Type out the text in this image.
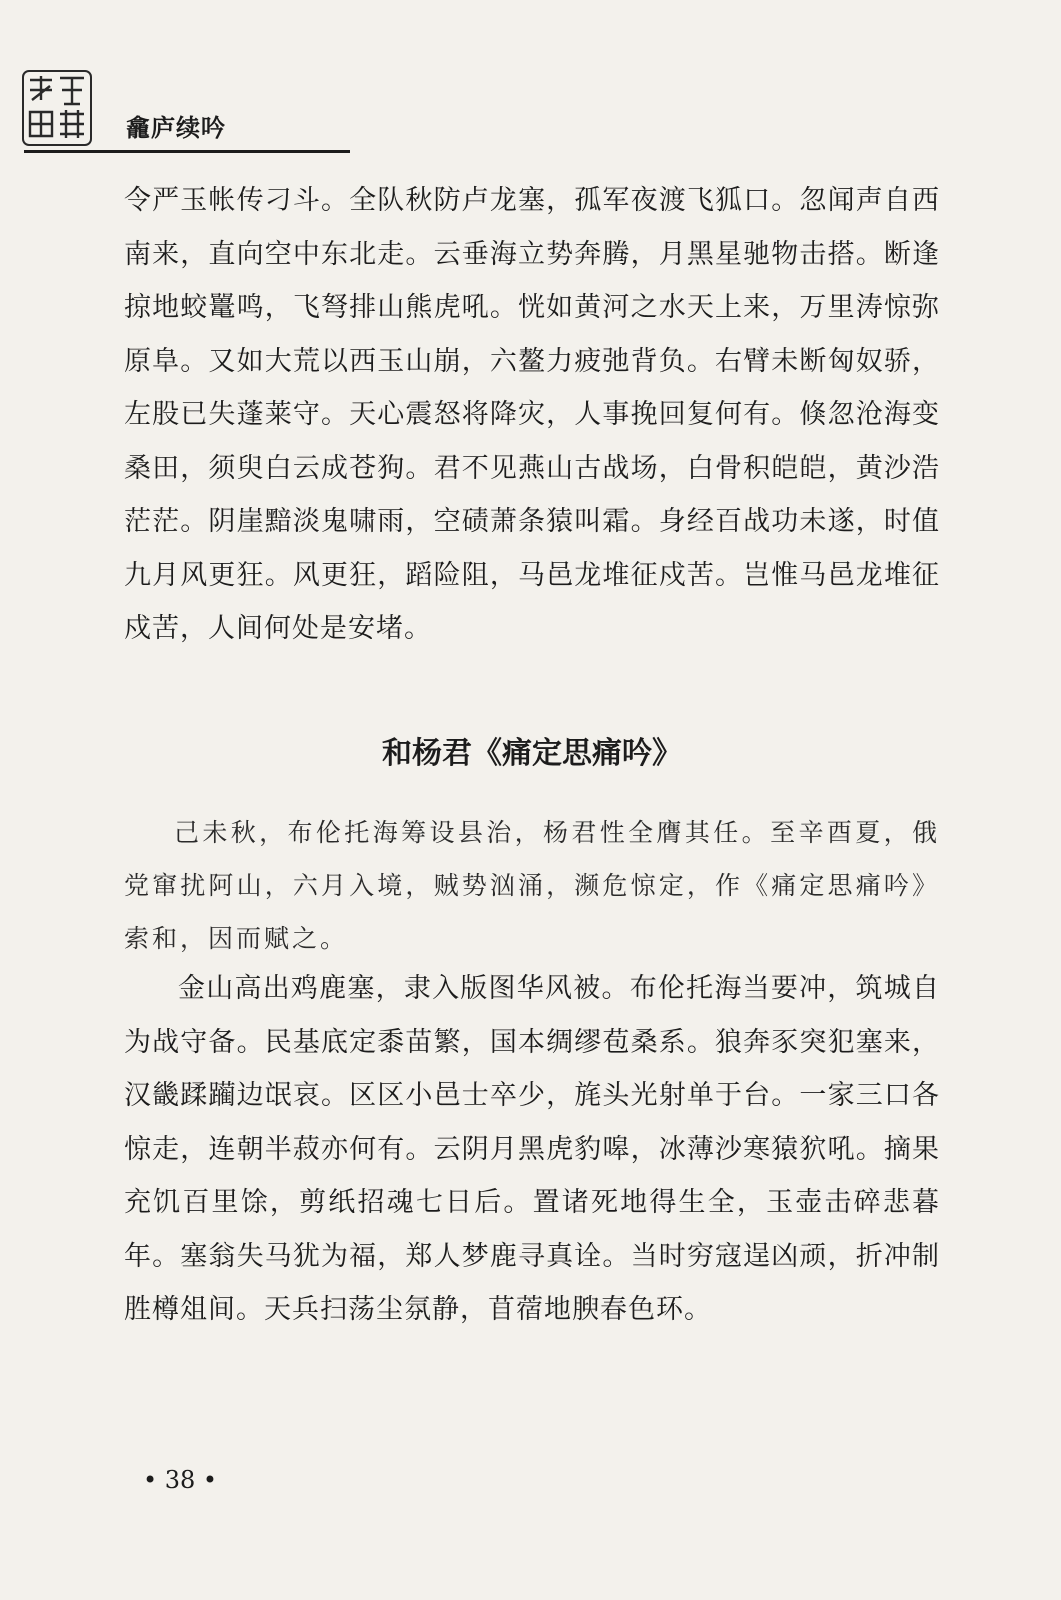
龕庐续吟
令严玉帐传刁斗。全队秋防卢龙塞，孤军夜渡飞狐口。忽闻声自西南来，直向空中东北走。云垂海立势奔腾，月黑星驰物击搭。断逢掠地蛟鼍鸣，飞弩排山熊虎吼。恍如黄河之水天上来，万里涛惊弥原阜。又如大荒以西玉山崩，六鳌力疲弛背负。右臂未断匈奴骄，左股已失蓬莱守。天心震怒将降灾，人事挽回复何有。倏忽沧海变桑田，须臾白云成苍狗。君不见燕山古战场，白骨积皑皑，黄沙浩茫茫。阴崖黯淡鬼啸雨，空碛萧条猿叫霜。身经百战功未遂，时值九月风更狂。风更狂，蹈险阻，马邑龙堆征戍苦。岂惟马邑龙堆征戍苦，人间何处是安堵。
和杨君《痛定思痛吟》
己未秋，布伦托海筹设县治，杨君性全膺其任。至辛酉夏，俄党窜扰阿山，六月入境，贼势汹涌，濒危惊定，作《痛定思痛吟》索和，因而赋之。
金山高出鸡鹿塞，隶入版图华风被。布伦托海当要冲，筑城自为战守备。民基底定黍苗繁，国本绸缪苞桑系。狼奔豕突犯塞来，汉畿蹂躏边氓哀。区区小邑士卒少，旄头光射单于台。一家三口各惊走，连朝半菽亦何有。云阴月黑虎豹嗥，冰薄沙寒猿狖吼。摘果充饥百里馀，剪纸招魂七日后。置诸死地得生全，玉壶击碎悲暮年。塞翁失马犹为福，郑人梦鹿寻真诠。当时穷寇逞凶顽，折冲制胜樽俎间。天兵扫荡尘氛静，苜蓿地腴春色环。
• 38 •
